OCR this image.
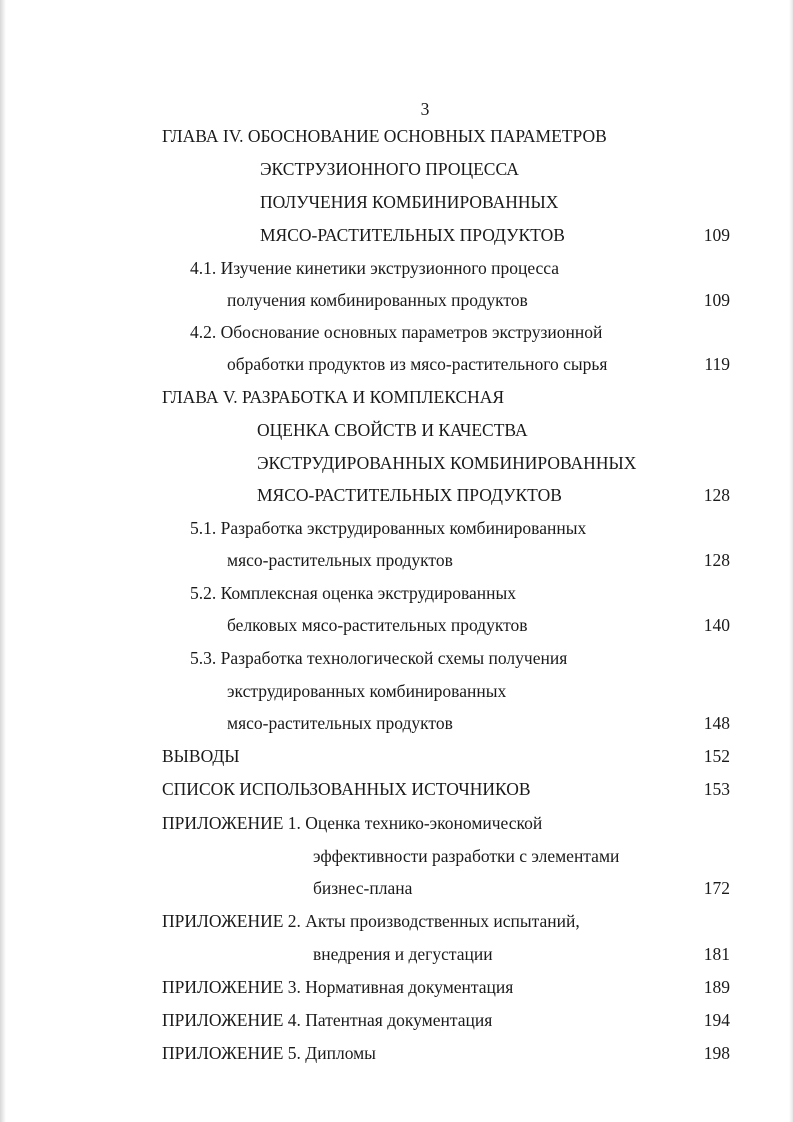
3
ГЛАВА IV. ОБОСНОВАНИЕ ОСНОВНЫХ ПАРАМЕТРОВ
ЭКСТРУЗИОННОГО ПРОЦЕССА
ПОЛУЧЕНИЯ КОМБИНИРОВАННЫХ
МЯСО-РАСТИТЕЛЬНЫХ ПРОДУКТОВ	109
4.1. Изучение кинетики экструзионного процесса
получения комбинированных продуктов	109
4.2. Обоснование основных параметров экструзионной
обработки продуктов из мясо-растительного сырья	119
ГЛАВА V. РАЗРАБОТКА И КОМПЛЕКСНАЯ
ОЦЕНКА СВОЙСТВ И КАЧЕСТВА
ЭКСТРУДИРОВАННЫХ КОМБИНИРОВАННЫХ
МЯСО-РАСТИТЕЛЬНЫХ ПРОДУКТОВ	128
5.1. Разработка экструдированных комбинированных
мясо-растительных продуктов	128
5.2. Комплексная оценка экструдированных
белковых мясо-растительных продуктов	140
5.3. Разработка технологической схемы получения
экструдированных комбинированных
мясо-растительных продуктов	148
ВЫВОДЫ	152
СПИСОК ИСПОЛЬЗОВАННЫХ ИСТОЧНИКОВ	153
ПРИЛОЖЕНИЕ 1. Оценка технико-экономической
эффективности разработки с элементами
бизнес-плана	172
ПРИЛОЖЕНИЕ 2. Акты производственных испытаний,
внедрения и дегустации	181
ПРИЛОЖЕНИЕ 3. Нормативная документация	189
ПРИЛОЖЕНИЕ 4. Патентная документация	194
ПРИЛОЖЕНИЕ 5. Дипломы	198
